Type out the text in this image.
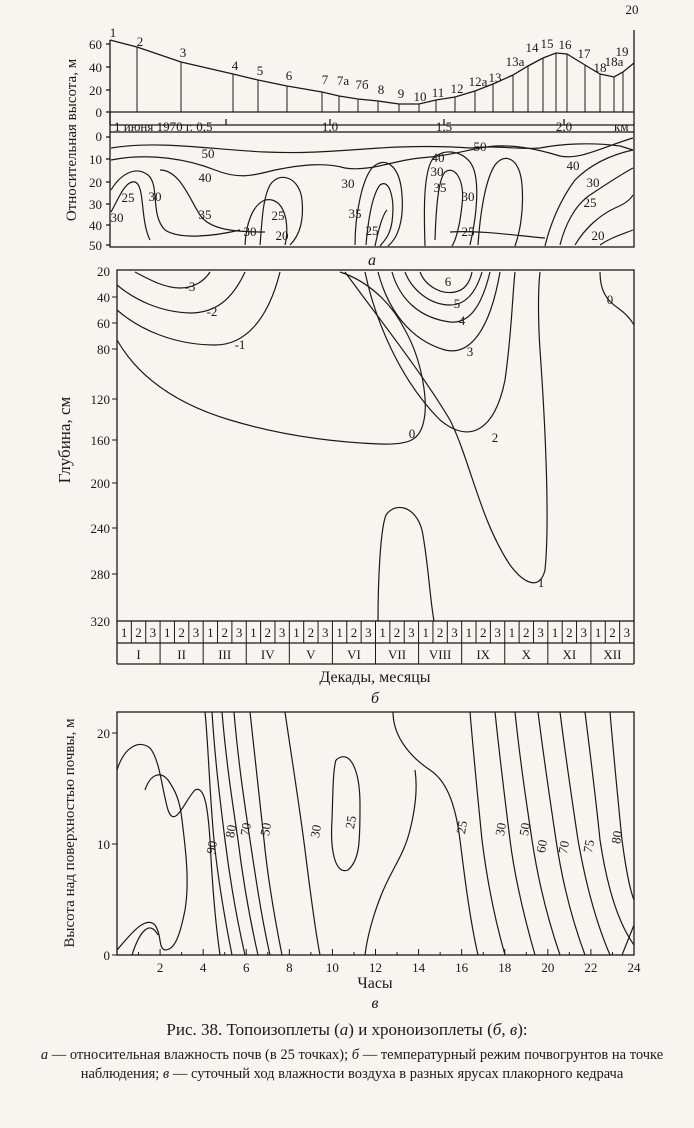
Относительная высота, м
60
40
20
0
0
10
20
30
40
50
1
2
3
4 5 6 7 7а 7б 8 9 10 11 12 12а 13
13а
14 15 16
17
18
18а
19
20
1 июня 1970 г. 0,5	1,0	1,5	2,0	км
50
40
25
30
30
35
30
25
20
30
35
25
30
40
35
50
30
25
40
30
25
20
а
Глубина, см
20
40
60
80
120
160
200
240
280
320
-3
-2
-1
0
6
5
4
3
2
1
0
1 2 3 1 2 3 1 2 3 1 2 3 1 2 3 1 2 3 1 2 3 1 2 3 1 2 3 1 2 3 1 2 3 1 2 3
I	II III IV V VI VII VIII IX X XI XII
Декады, месяцы
б
Высота над поверхностью почвы, м 20
10
0
2	4	6	8	10 12 14 16 18 20 22 24
90
80
70 50	30
25	25 30 50
60 70 75
80
Часы
в
Рис. 38. Топоизоплеты (а) и хроноизоплеты (б, в):
а — относительная влажность почв (в 25 точках); б — температурный режим почвогрунтов на точке наблюдения; в — суточный ход влажности воздуха в разных ярусах плакорного кедрача
